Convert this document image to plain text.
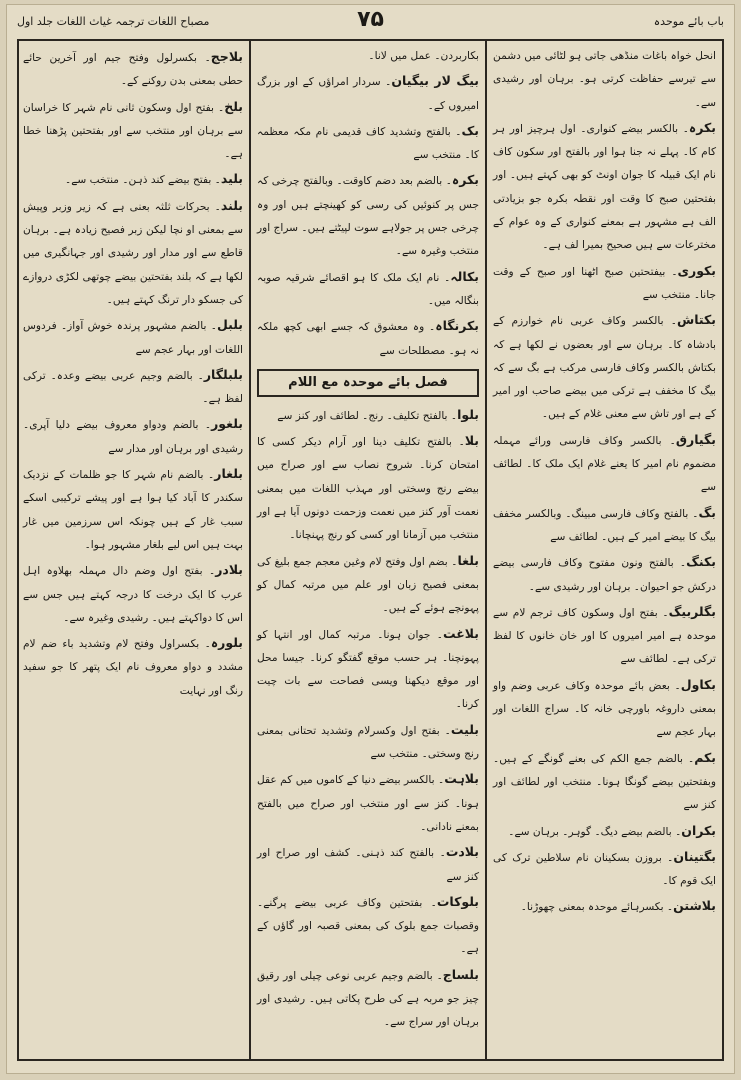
مصباح اللغات ترجمہ غیاث اللغات جلد اول	۷۵	باب بائے موحدہ

انحل خواہ باغات منڈھی جاتی ہو لٹائی میں دشمن سے تیرسے حفاظت کرتی ہو۔ برہان اور رشیدی سے۔

بکرہ۔ بالکسر بیضے کنواری۔ اول ہرچیز اور ہر کام کا۔ پہلے نہ جنا ہوا اور بالفتح اور سکون کاف نام ایک قبیلہ کا جوان اونٹ کو بھی کہتے ہیں۔ اور بفتحتین صبح کا وقت اور نقطہ بکرہ جو بزیادتی الف ہے مشہور ہے بمعنے کنواری کے وہ عوام کے مخترعات سے ہیں صحیح بمیرا لف ہے۔

بکوری۔ بیفتحتین صبح اٹھنا اور صبح کے وقت جانا۔ منتخب سے

بکتاش۔ بالکسر وکاف عربی نام خوارزم کے بادشاہ کا۔ برہان سے اور بعضوں نے لکھا ہے کہ بکتاش بالکسر وکاف فارسی مرکب ہے بگ سے کہ بیگ کا مخفف ہے ترکی میں بیضے صاحب اور امیر کے ہے اور تاش سے معنی غلام کے ہیں۔

بگیارق۔ بالکسر وکاف فارسی ورائے مہملہ مضموم نام امیر کا یعنے غلام ایک ملک کا۔ لطائف سے

بگ۔ بالفتح وکاف فارسی مبینگ۔ وبالکسر مخفف بیگ کا بیضے امیر کے ہیں۔ لطائف سے

بکنگ۔ بالفتح ونون مفتوح وکاف فارسی بیضے درکش جو احیوان۔ برہان اور رشیدی سے۔

بگلربیگ۔ بفتح اول وسکون کاف ترجم لام سے موحدہ ہے امیر امیروں کا اور خان خانوں کا لفظ ترکی ہے۔ لطائف سے

بکاول۔ بعض بائے موحدہ وکاف عربی وضم واو بمعنی داروغہ باورچی خانہ کا۔ سراج اللغات اور بہار عجم سے

بکم۔ بالضم جمع الکم کی بعنے گونگے کے ہیں۔ وبفتحتین بیضے گونگا ہونا۔ منتخب اور لطائف اور کنز سے

بکران۔ بالضم بیضے دیگ۔ گوہر۔ برہان سے۔

بگتینان۔ بروزن بسکینان نام سلاطین ترک کی ایک قوم کا۔

بلاشتن۔ بکسرہائے موحدہ بمعنی چھوڑنا۔

بکاربردن۔ عمل میں لانا۔

بیگ لار بیگیان۔ سردار امراؤں کے اور بزرگ امیروں کے۔

بک۔ بالفتح وتشدید کاف قدیمی نام مکہ معظمہ کا۔ منتخب سے

بکرہ۔ بالضم بعد دضم کاوقت۔ وبالفتح چرخی کہ جس پر کنوئیں کی رسی کو کھینچتے ہیں اور وہ چرخی جس پر جولاہے سوت لپیٹتے ہیں۔ سراج اور منتخب وغیرہ سے۔

بکالہ۔ نام ایک ملک کا ہو اقصائے شرقیہ صوبہ بنگالہ میں۔

بکرنگاہ۔ وہ معشوق کہ جسے ابھی کچھ ملکہ نہ ہو۔ مصطلحات سے

فصل بائے موحدہ مع اللام

بلوا۔ بالفتح تکلیف۔ رنج۔ لطائف اور کنز سے

بلا۔ بالفتح تکلیف دینا اور آرام دیکر کسی کا امتحان کرنا۔ شروح نصاب سے اور صراح میں بیضے رنج وسختی اور مہذب اللغات میں بمعنی نعمت آور کنز میں نعمت وزحمت دونوں آیا ہے اور منتخب میں آزمانا اور کسی کو رنج پہنچانا۔

بلغا۔ بضم اول وفتح لام وغین معجم جمع بلیغ کی بمعنی فصیح زبان اور علم میں مرتبہ کمال کو پہونچے ہوئے کے ہیں۔

بلاغت۔ جوان ہونا۔ مرتبہ کمال اور انتہا کو پہونچنا۔ ہر حسب موقع گفتگو کرنا۔ جیسا محل اور موقع دیکھنا ویسی فصاحت سے بات چیت کرنا۔

بلیت۔ بفتح اول وکسرلام وتشدید تحتانی بمعنی رنج وسختی۔ منتخب سے

بلاہت۔ بالکسر بیضے دنیا کے کاموں میں کم عقل ہونا۔ کنز سے اور منتخب اور صراح میں بالفتح بمعنے نادانی۔

بلادت۔ بالفتح کند ذہنی۔ کشف اور صراح اور کنز سے

بلوکات۔ بفتحتین وکاف عربی بیضے پرگنے۔ وقصبات جمع بلوک کی بمعنی قصبہ اور گاؤں کے ہے۔

بلساج۔ بالضم وجیم عربی نوعی چیلی اور رقیق چیز جو مربہ ہے کی طرح پکاتی ہیں۔ رشیدی اور برہان اور سراج سے۔

بلاجج۔ بکسرلول وفتح جیم اور آخرین حائے حطی بمعنی بدن روکنے کے۔

بلخ۔ بفتح اول وسکون ثانی نام شہر کا خراسان سے برہان اور منتخب سے اور بفتحتین پڑھنا خطا ہے۔

بلید۔ بفتح بیضے کند ذہن۔ منتخب سے۔

بلند۔ بحرکات ثلثہ بعنی ہے کہ زیر وزبر وپیش سے بمعنی او نچا لیکن زبر فصیح زیادہ ہے۔ برہان قاطع سے اور مدار اور رشیدی اور جہانگیری میں لکھا ہے کہ بلند بفتحتین بیضے چوتھی لکڑی دروازے کی جسکو دار ترنگ کہتے ہیں۔

بلبل۔ بالضم مشہور پرندہ خوش آواز۔ فردوس اللغات اور بہار عجم سے

بلبلگار۔ بالضم وجیم عربی بیضے وعدہ۔ ترکی لفظ ہے۔

بلغور۔ بالضم ودواو معروف بیضے دلیا آپری۔ رشیدی اور برہان اور مدار سے

بلغار۔ بالضم نام شہر کا جو ظلمات کے نزدیک سکندر کا آباد کیا ہوا ہے اور پیشے ترکیبی اسکے سبب غار کے ہیں چونکہ اس سرزمین میں غار بہت ہیں اس لیے بلغار مشہور ہوا۔

بلادر۔ بفتح اول وضم دال مہملہ بھلاوہ اہل عرب کا ایک درخت کا درجہ کہتے ہیں جس سے اس کا دواکہتے ہیں۔ رشیدی وغیرہ سے۔

بلورہ۔ بکسراول وفتح لام وتشدید باء ضم لام مشدد و دواو معروف نام ایک پتھر کا جو سفید رنگ اور نہایت
